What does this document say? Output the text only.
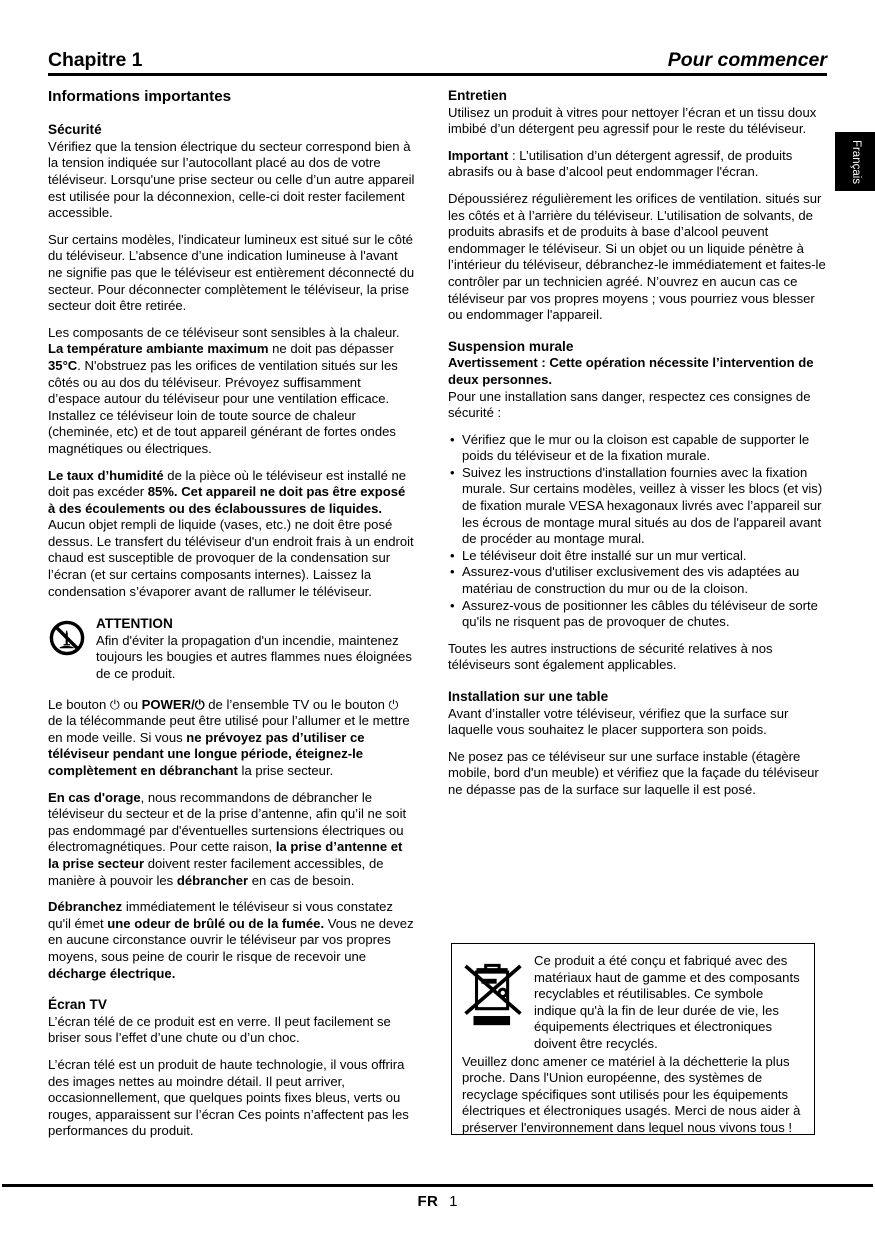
Chapitre 1	Pour commencer
Français
Informations importantes
Sécurité

Vérifiez que la tension électrique du secteur correspond bien à la tension indiquée sur l’autocollant placé au dos de votre téléviseur. Lorsqu'une prise secteur ou celle d’un autre appareil est utilisée pour la déconnexion, celle-ci doit rester facilement accessible.

Sur certains modèles, l'indicateur lumineux est situé sur le côté du téléviseur. L’absence d’une indication lumineuse à l'avant ne signifie pas que le téléviseur est entièrement déconnecté du secteur. Pour déconnecter complètement le téléviseur, la prise secteur doit être retirée.

Les composants de ce téléviseur sont sensibles à la chaleur. La température ambiante maximum ne doit pas dépasser 35°C. N'obstruez pas les orifices de ventilation situés sur les côtés ou au dos du téléviseur. Prévoyez suffisamment d’espace autour du téléviseur pour une ventilation efficace. Installez ce téléviseur loin de toute source de chaleur (cheminée, etc) et de tout appareil générant de fortes ondes magnétiques ou électriques.

Le taux d’humidité de la pièce où le téléviseur est installé ne doit pas excéder 85%. Cet appareil ne doit pas être exposé à des écoulements ou des éclaboussures de liquides. Aucun objet rempli de liquide (vases, etc.) ne doit être posé dessus. Le transfert du téléviseur d'un endroit frais à un endroit chaud est susceptible de provoquer de la condensation sur l’écran (et sur certains composants internes). Laissez la condensation s’évaporer avant de rallumer le téléviseur.

ATTENTION
Afin d'éviter la propagation d'un incendie, maintenez toujours les bougies et autres flammes nues éloignées de ce produit.

Le bouton ⏻ ou POWER/⏻ de l’ensemble TV ou le bouton ⏻ de la télécommande peut être utilisé pour l’allumer et le mettre en mode veille. Si vous ne prévoyez pas d’utiliser ce téléviseur pendant une longue période, éteignez-le complètement en débranchant la prise secteur.

En cas d'orage, nous recommandons de débrancher le téléviseur du secteur et de la prise d’antenne, afin qu’il ne soit pas endommagé par d'éventuelles surtensions électriques ou électromagnétiques. Pour cette raison, la prise d’antenne et la prise secteur doivent rester facilement accessibles, de manière à pouvoir les débrancher en cas de besoin.

Débranchez immédiatement le téléviseur si vous constatez qu'il émet une odeur de brûlé ou de la fumée. Vous ne devez en aucune circonstance ouvrir le téléviseur par vos propres moyens, sous peine de courir le risque de recevoir une décharge électrique.

Écran TV

L’écran télé de ce produit est en verre. Il peut facilement se briser sous l’effet d’une chute ou d’un choc.

L’écran télé est un produit de haute technologie, il vous offrira des images nettes au moindre détail. Il peut arriver, occasionnellement, que quelques points fixes bleus, verts ou rouges, apparaissent sur l’écran Ces points n’affectent pas les performances du produit.

Entretien

Utilisez un produit à vitres pour nettoyer l’écran et un tissu doux imbibé d’un détergent peu agressif pour le reste du téléviseur.

Important : L’utilisation d’un détergent agressif, de produits abrasifs ou à base d’alcool peut endommager l'écran.

Dépoussiérez régulièrement les orifices de ventilation. situés sur les côtés et à l’arrière du téléviseur. L'utilisation de solvants, de produits abrasifs et de produits à base d’alcool peuvent endommager le téléviseur. Si un objet ou un liquide pénètre à l’intérieur du téléviseur, débranchez-le immédiatement et faites-le contrôler par un technicien agréé. N’ouvrez en aucun cas ce téléviseur par vos propres moyens ; vous pourriez vous blesser ou endommager l'appareil.

Suspension murale

Avertissement : Cette opération nécessite l’intervention de deux personnes.

Pour une installation sans danger, respectez ces consignes de sécurité :

• Vérifiez que le mur ou la cloison est capable de supporter le poids du téléviseur et de la fixation murale.
• Suivez les instructions d'installation fournies avec la fixation murale. Sur certains modèles, veillez à visser les blocs (et vis) de fixation murale VESA hexagonaux livrés avec l’appareil sur les écrous de montage mural situés au dos de l'appareil avant de procéder au montage mural.
• Le téléviseur doit être installé sur un mur vertical.
• Assurez-vous d'utiliser exclusivement des vis adaptées au matériau de construction du mur ou de la cloison.
• Assurez-vous de positionner les câbles du téléviseur de sorte qu'ils ne risquent pas de provoquer de chutes.

Toutes les autres instructions de sécurité relatives à nos téléviseurs sont également applicables.

Installation sur une table

Avant d’installer votre téléviseur, vérifiez que la surface sur laquelle vous souhaitez le placer supportera son poids.

Ne posez pas ce téléviseur sur une surface instable (étagère mobile, bord d'un meuble) et vérifiez que la façade du téléviseur ne dépasse pas de la surface sur laquelle il est posé.

Ce produit a été conçu et fabriqué avec des matériaux haut de gamme et des composants recyclables et réutilisables. Ce symbole indique qu'à la fin de leur durée de vie, les équipements électriques et électroniques doivent être recyclés.
Veuillez donc amener ce matériel à la déchetterie la plus proche. Dans l'Union européenne, des systèmes de recyclage spécifiques sont utilisés pour les équipements électriques et électroniques usagés. Merci de nous aider à préserver l'environnement dans lequel nous vivons tous !
FR 1
